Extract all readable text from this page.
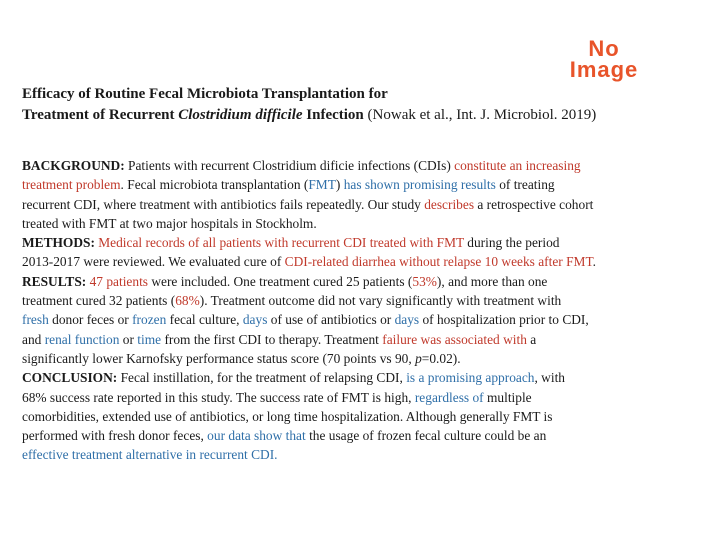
No
Image
Efficacy of Routine Fecal Microbiota Transplantation for
Treatment of Recurrent Clostridium difficile Infection (Nowak et al., Int. J. Microbiol. 2019)
BACKGROUND: Patients with recurrent Clostridium dificie infections (CDIs) constitute an increasing
treatment problem. Fecal microbiota transplantation (FMT) has shown promising results of treating
recurrent CDI, where treatment with antibiotics fails repeatedly. Our study describes a retrospective cohort
treated with FMT at two major hospitals in Stockholm.
METHODS: Medical records of all patients with recurrent CDI treated with FMT during the period
2013-2017 were reviewed. We evaluated cure of CDI-related diarrhea without relapse 10 weeks after FMT.
RESULTS: 47 patients were included. One treatment cured 25 patients (53%), and more than one
treatment cured 32 patients (68%). Treatment outcome did not vary significantly with treatment with
fresh donor feces or frozen fecal culture, days of use of antibiotics or days of hospitalization prior to CDI,
and renal function or time from the first CDI to therapy. Treatment failure was associated with a
significantly lower Karnofsky performance status score (70 points vs 90, p=0.02).
CONCLUSION: Fecal instillation, for the treatment of relapsing CDI, is a promising approach, with
68% success rate reported in this study. The success rate of FMT is high, regardless of multiple
comorbidities, extended use of antibiotics, or long time hospitalization. Although generally FMT is
performed with fresh donor feces, our data show that the usage of frozen fecal culture could be an
effective treatment alternative in recurrent CDI.
